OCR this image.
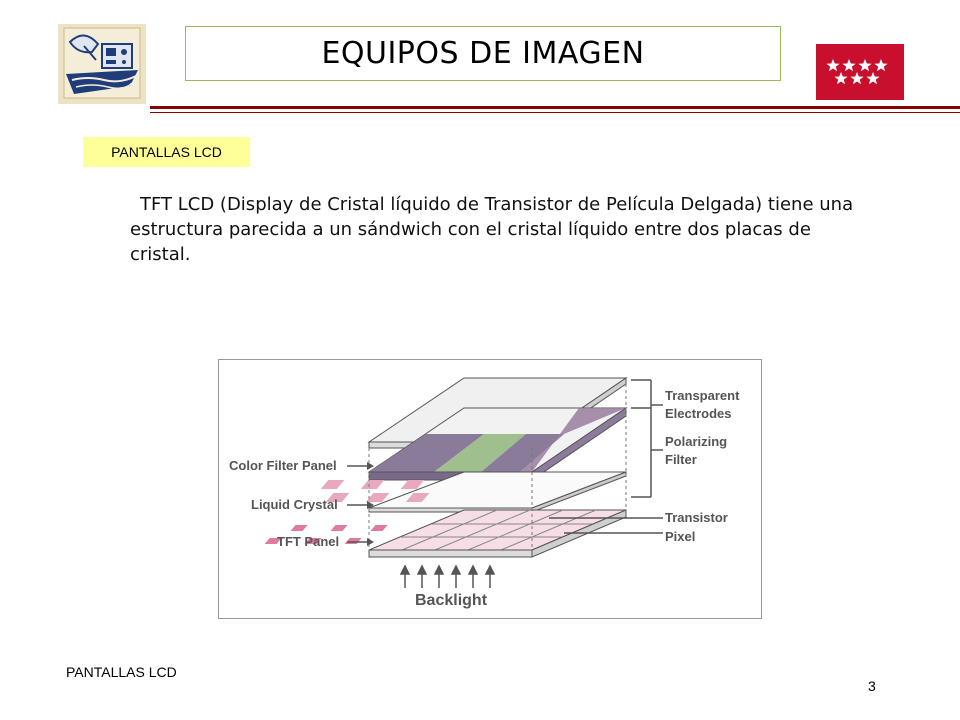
EQUIPOS DE IMAGEN
PANTALLAS LCD

TFT LCD (Display de Cristal líquido de Transistor de Película Delgada) tiene una estructura parecida a un sándwich con el cristal líquido entre dos placas de cristal.

Color Filter Panel
Liquid Crystal
TFT Panel
Transparent
Electrodes
Polarizing
Filter
Transistor
Pixel
Backlight
PANTALLAS LCD
3
